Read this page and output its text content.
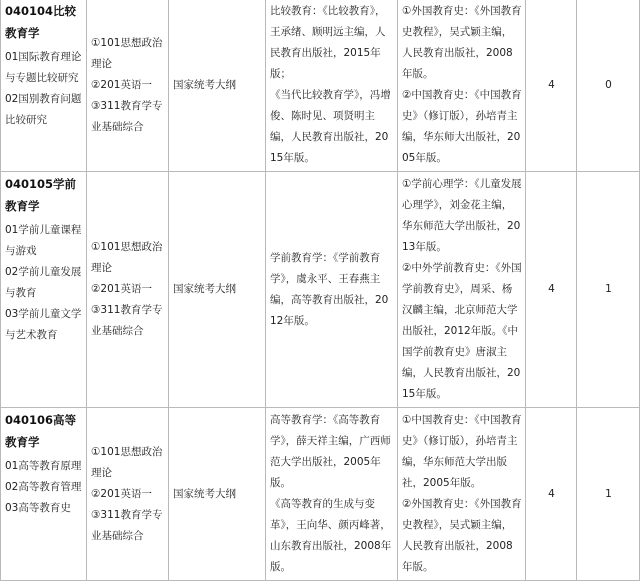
040104比较教育学
01国际教育理论与专题比较研究
02国别教育问题比较研究	①101思想政治理论
②201英语一
③311教育学专业基础综合	国家统考大纲	比较教育：《比较教育》，王承绪、顾明远主编，人民教育出版社，2015年版；
《当代比较教育学》，冯增俊、陈时见、项贤明主编，人民教育出版社，2015年版。	①外国教育史：《外国教育史教程》，吴式颖主编，人民教育出版社，2008年版。
②中国教育史：《中国教育史》（修订版），孙培青主编，华东师大出版社，2005年版。	4	0
040105学前教育学
01学前儿童课程与游戏
02学前儿童发展与教育
03学前儿童文学与艺术教育	①101思想政治理论
②201英语一
③311教育学专业基础综合	国家统考大纲	学前教育学：《学前教育学》，虞永平、王春燕主编，高等教育出版社，2012年版。	①学前心理学：《儿童发展心理学》，刘金花主编，华东师范大学出版社，2013年版。
②中外学前教育史：《外国学前教育史》，周采、杨汉麟主编，北京师范大学出版社，2012年版。《中国学前教育史》唐淑主编，人民教育出版社，2015年版。	4	1
040106高等教育学
01高等教育原理
02高等教育管理
03高等教育史	①101思想政治理论
②201英语一
③311教育学专业基础综合	国家统考大纲	高等教育学：《高等教育学》，薛天祥主编，广西师范大学出版社，2005年版。
《高等教育的生成与变革》，王向华、颜丙峰著，山东教育出版社，2008年版。	①中国教育史：《中国教育史》（修订版），孙培青主编，华东师范大学出版社，2005年版。
②外国教育史：《外国教育史教程》，吴式颖主编，人民教育出版社，2008年版。	4	1
